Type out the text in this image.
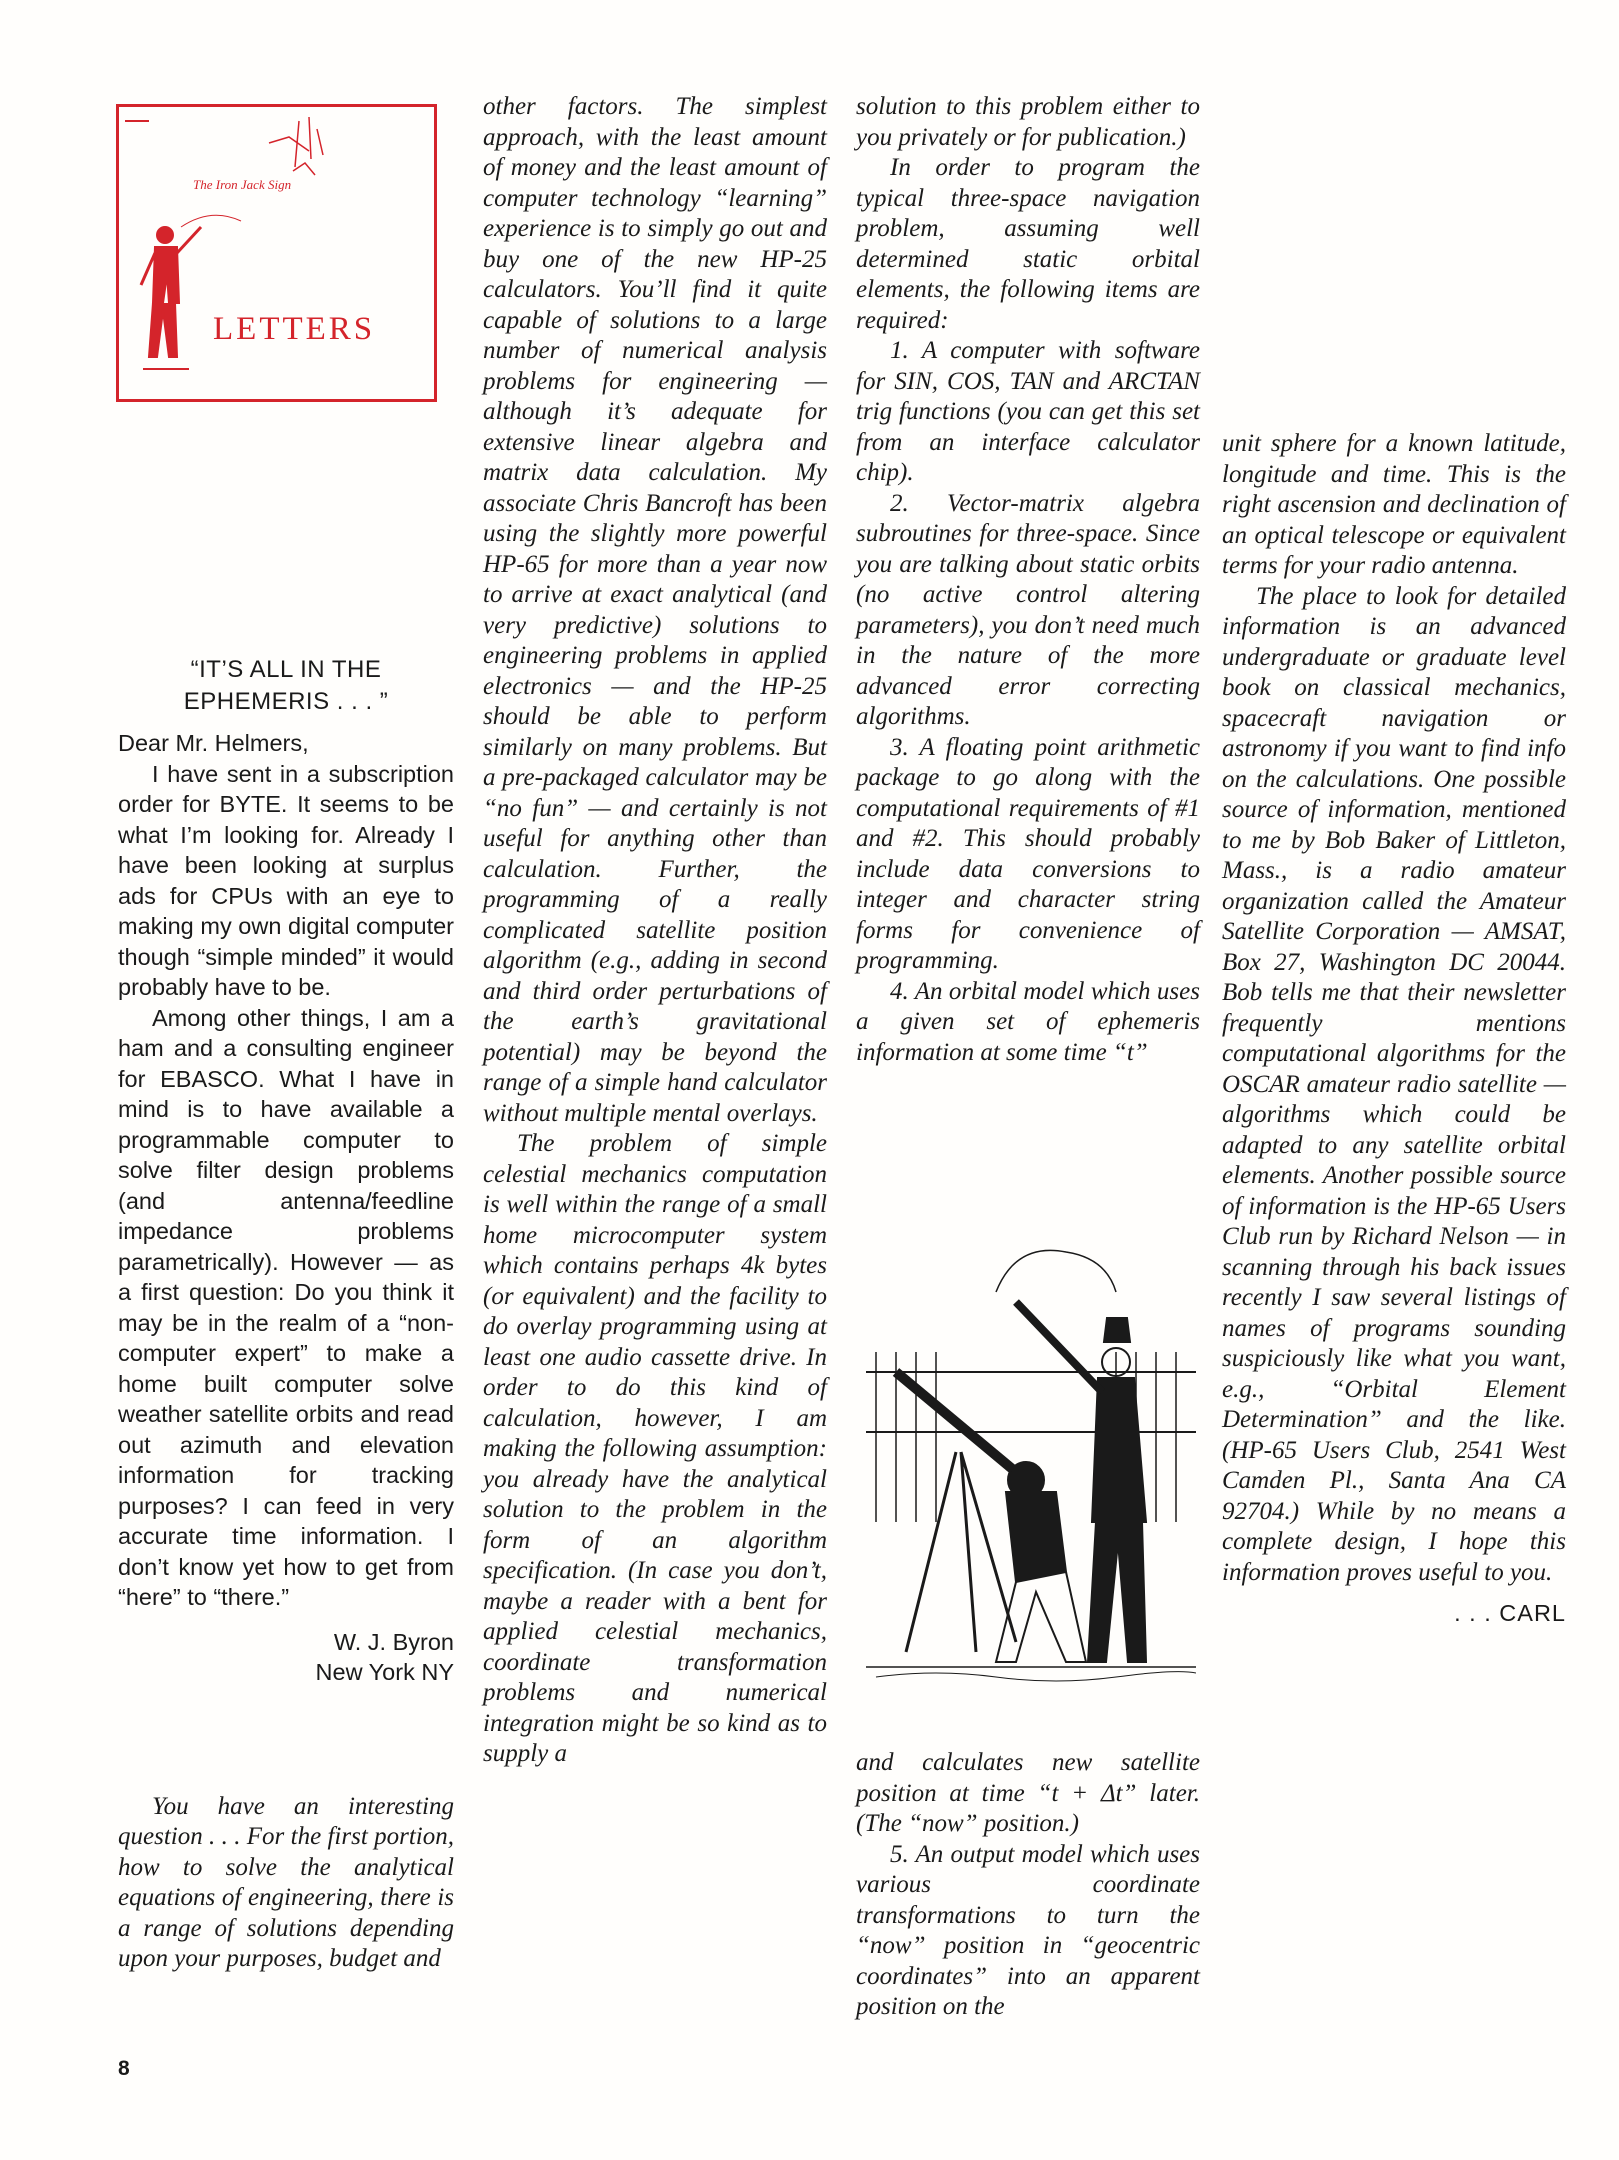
The Iron Jack Sign
LETTERS

“IT’S ALL IN THE EPHEMERIS . . . ”

Dear Mr. Helmers,

I have sent in a subscription order for BYTE. It seems to be what I’m looking for. Already I have been looking at surplus ads for CPUs with an eye to making my own digital computer though “simple minded” it would probably have to be.

Among other things, I am a ham and a consulting engineer for EBASCO. What I have in mind is to have available a programmable computer to solve filter design problems (and antenna/feedline impedance problems parametrically). However — as a first question: Do you think it may be in the realm of a “non-computer expert” to make a home built computer solve weather satellite orbits and read out azimuth and elevation information for tracking purposes? I can feed in very accurate time information. I don’t know yet how to get from “here” to “there.”

W. J. Byron
New York NY

You have an interesting question . . . For the first portion, how to solve the analytical equations of engineering, there is a range of solutions depending upon your purposes, budget and

other factors. The simplest approach, with the least amount of money and the least amount of computer technology “learning” experience is to simply go out and buy one of the new HP-25 calculators. You’ll find it quite capable of solutions to a large number of numerical analysis problems for engineering — although it’s adequate for extensive linear algebra and matrix data calculation. My associate Chris Bancroft has been using the slightly more powerful HP-65 for more than a year now to arrive at exact analytical (and very predictive) solutions to engineering problems in applied electronics — and the HP-25 should be able to perform similarly on many problems. But a pre-packaged calculator may be “no fun” — and certainly is not useful for anything other than calculation. Further, the programming of a really complicated satellite position algorithm (e.g., adding in second and third order perturbations of the earth’s gravitational potential) may be beyond the range of a simple hand calculator without multiple mental overlays.

The problem of simple celestial mechanics computation is well within the range of a small home microcomputer system which contains perhaps 4k bytes (or equivalent) and the facility to do overlay programming using at least one audio cassette drive. In order to do this kind of calculation, however, I am making the following assumption: you already have the analytical solution to the problem in the form of an algorithm specification. (In case you don’t, maybe a reader with a bent for applied celestial mechanics, coordinate transformation problems and numerical integration might be so kind as to supply a

solution to this problem either to you privately or for publication.)

In order to program the typical three-space navigation problem, assuming well determined static orbital elements, the following items are required:

1. A computer with software for SIN, COS, TAN and ARCTAN trig functions (you can get this set from an interface calculator chip).

2. Vector-matrix algebra subroutines for three-space. Since you are talking about static orbits (no active control altering parameters), you don’t need much in the nature of the more advanced error correcting algorithms.

3. A floating point arithmetic package to go along with the computational requirements of #1 and #2. This should probably include data conversions to integer and character string forms for convenience of programming.

4. An orbital model which uses a given set of ephemeris information at some time “t”

and calculates new satellite position at time “t + Δt” later. (The “now” position.)

5. An output model which uses various coordinate transformations to turn the “now” position in “geocentric coordinates” into an apparent position on the

unit sphere for a known latitude, longitude and time. This is the right ascension and declination of an optical telescope or equivalent terms for your radio antenna.

The place to look for detailed information is an advanced undergraduate or graduate level book on classical mechanics, spacecraft navigation or astronomy if you want to find info on the calculations. One possible source of information, mentioned to me by Bob Baker of Littleton, Mass., is a radio amateur organization called the Amateur Satellite Corporation — AMSAT, Box 27, Washington DC 20044. Bob tells me that their newsletter frequently mentions computational algorithms for the OSCAR amateur radio satellite — algorithms which could be adapted to any satellite orbital elements. Another possible source of information is the HP-65 Users Club run by Richard Nelson — in scanning through his back issues recently I saw several listings of names of programs sounding suspiciously like what you want, e.g., “Orbital Element Determination” and the like. (HP-65 Users Club, 2541 West Camden Pl., Santa Ana CA 92704.) While by no means a complete design, I hope this information proves useful to you.

. . . CARL

8
